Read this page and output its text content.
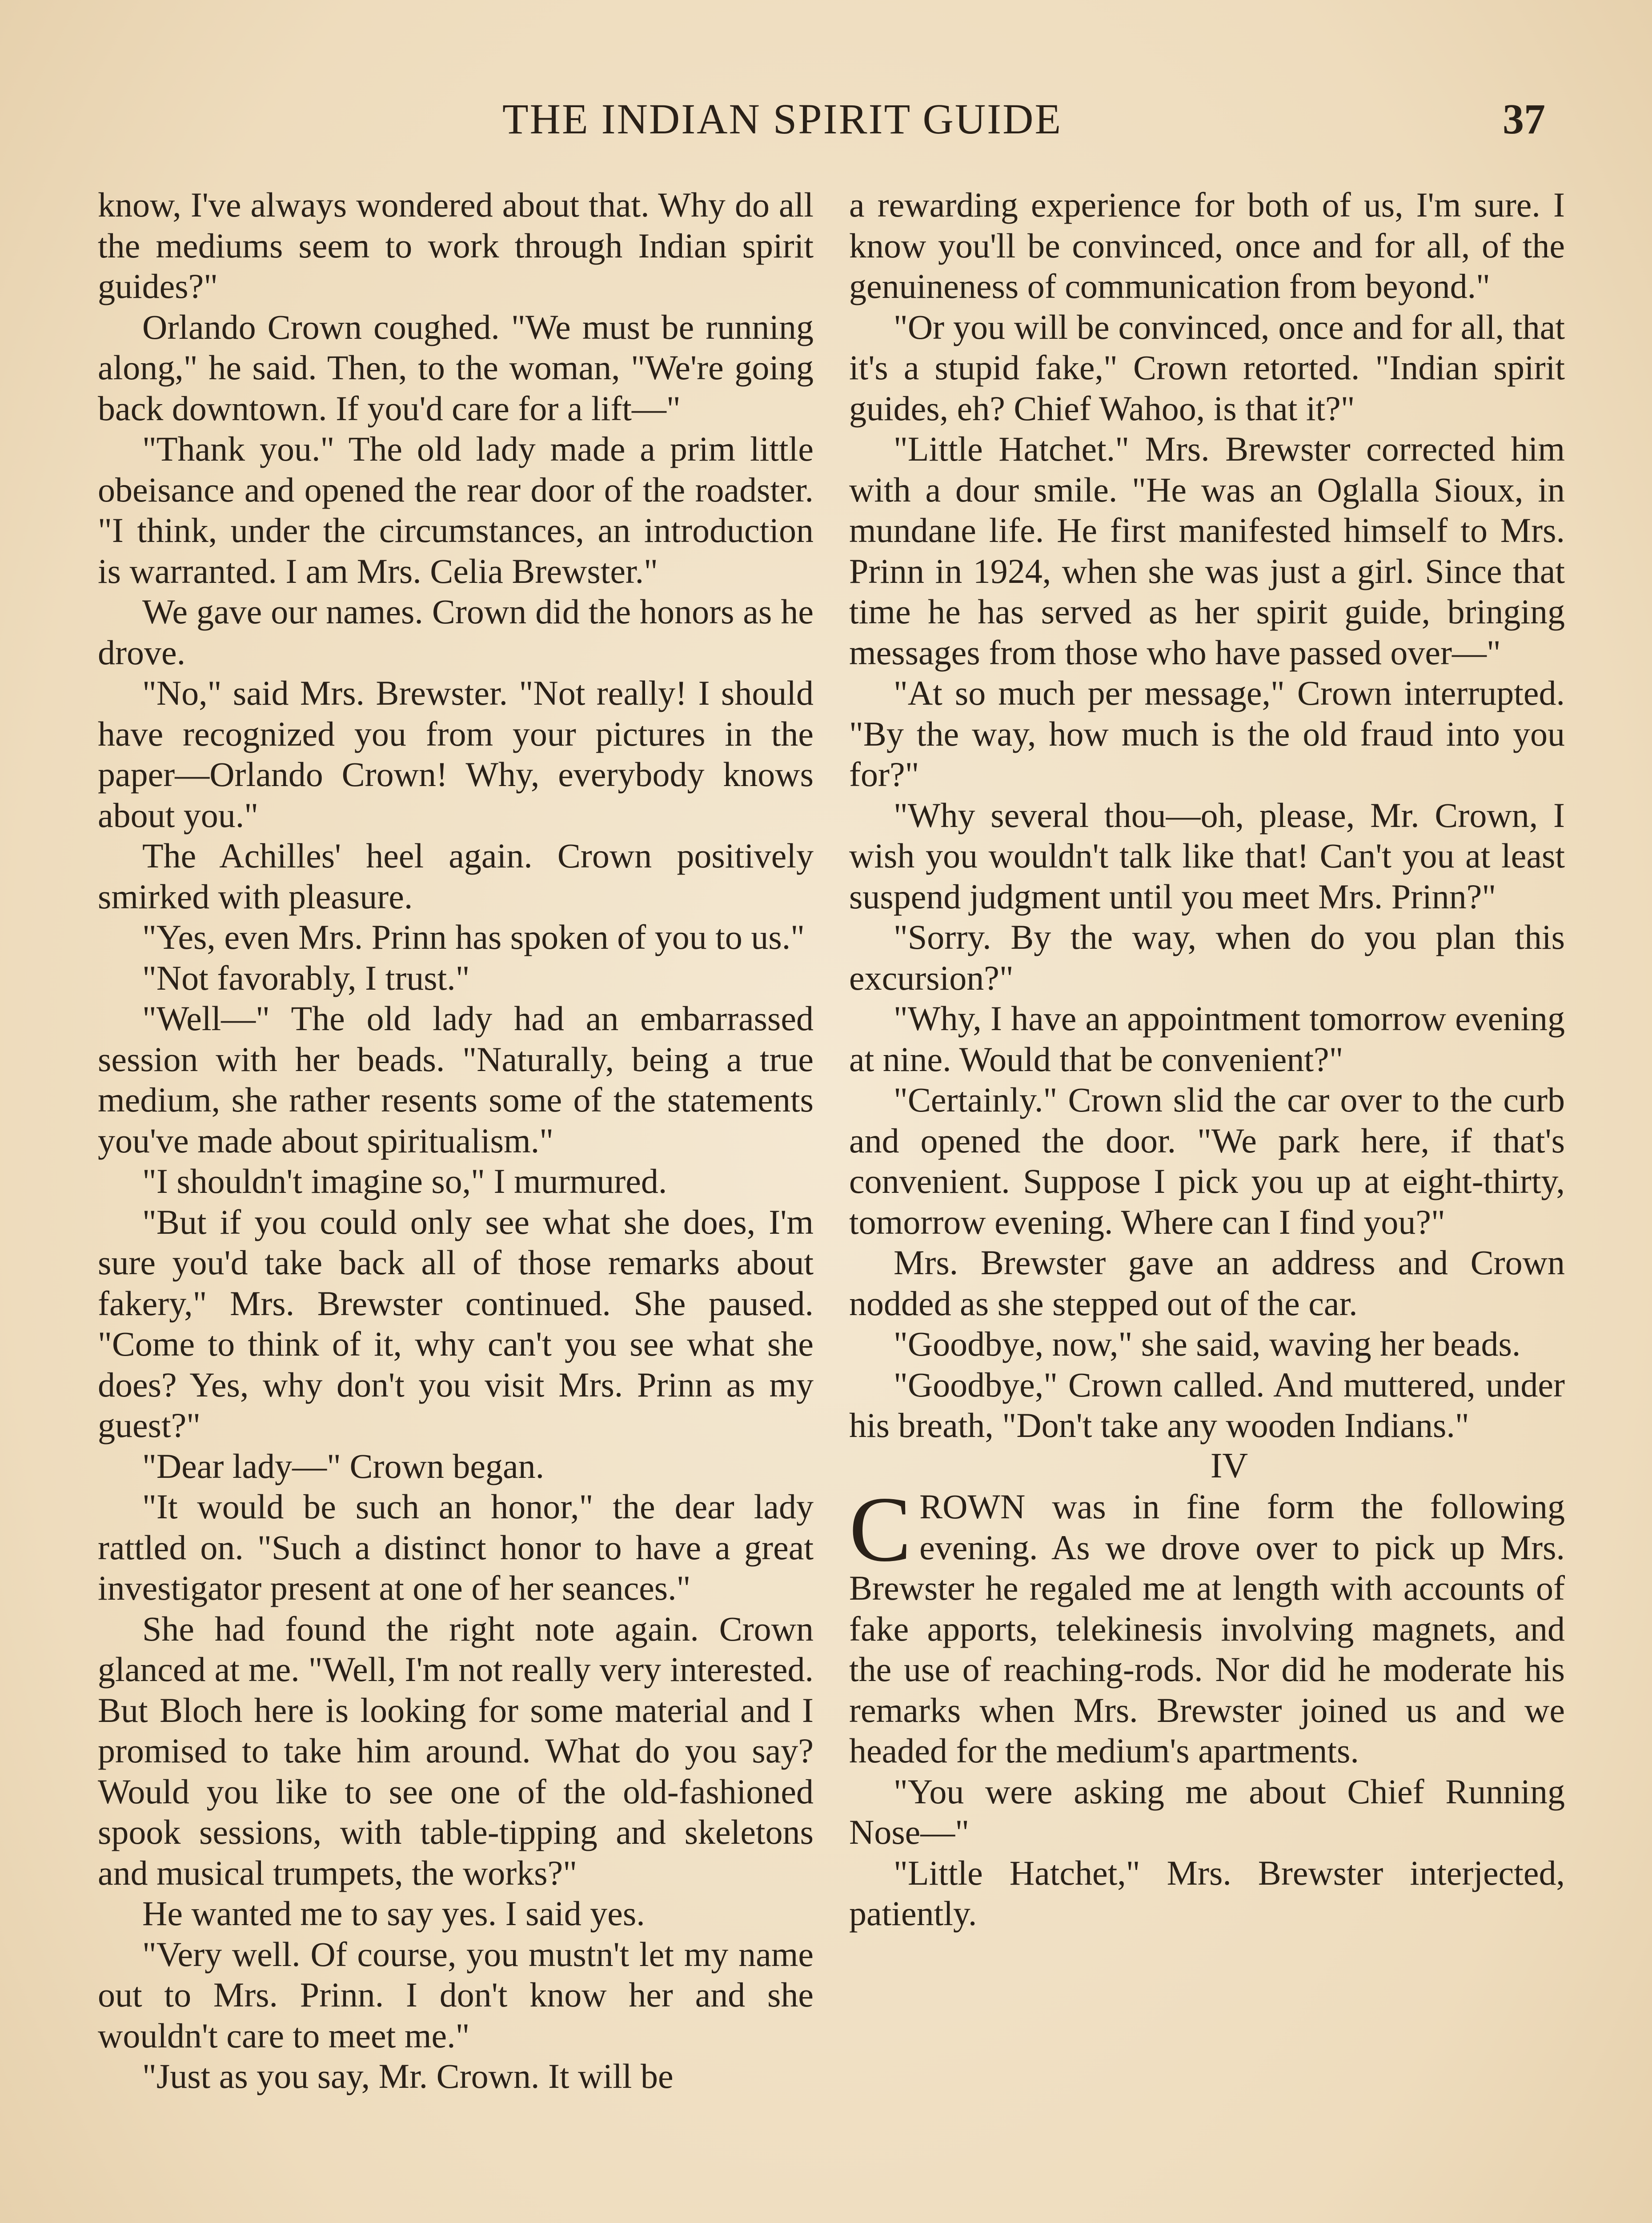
THE INDIAN SPIRIT GUIDE	37

know, I've always wondered about that. Why do all the mediums seem to work through Indian spirit guides?"

Orlando Crown coughed. "We must be running along," he said. Then, to the woman, "We're going back downtown. If you'd care for a lift—"

"Thank you." The old lady made a prim little obeisance and opened the rear door of the roadster. "I think, under the circumstances, an introduction is warranted. I am Mrs. Celia Brewster."

We gave our names. Crown did the honors as he drove.

"No," said Mrs. Brewster. "Not really! I should have recognized you from your pictures in the paper—Orlando Crown! Why, everybody knows about you."

The Achilles' heel again. Crown positively smirked with pleasure.

"Yes, even Mrs. Prinn has spoken of you to us."

"Not favorably, I trust."

"Well—" The old lady had an embarrassed session with her beads. "Naturally, being a true medium, she rather resents some of the statements you've made about spiritualism."

"I shouldn't imagine so," I murmured.

"But if you could only see what she does, I'm sure you'd take back all of those remarks about fakery," Mrs. Brewster continued. She paused. "Come to think of it, why can't you see what she does? Yes, why don't you visit Mrs. Prinn as my guest?"

"Dear lady—" Crown began.

"It would be such an honor," the dear lady rattled on. "Such a distinct honor to have a great investigator present at one of her seances."

She had found the right note again. Crown glanced at me. "Well, I'm not really very interested. But Bloch here is looking for some material and I promised to take him around. What do you say? Would you like to see one of the old-fashioned spook sessions, with table-tipping and skeletons and musical trumpets, the works?"

He wanted me to say yes. I said yes.

"Very well. Of course, you mustn't let my name out to Mrs. Prinn. I don't know her and she wouldn't care to meet me."

"Just as you say, Mr. Crown. It will be

a rewarding experience for both of us, I'm sure. I know you'll be convinced, once and for all, of the genuineness of communication from beyond."

"Or you will be convinced, once and for all, that it's a stupid fake," Crown retorted. "Indian spirit guides, eh? Chief Wahoo, is that it?"

"Little Hatchet." Mrs. Brewster corrected him with a dour smile. "He was an Oglalla Sioux, in mundane life. He first manifested himself to Mrs. Prinn in 1924, when she was just a girl. Since that time he has served as her spirit guide, bringing messages from those who have passed over—"

"At so much per message," Crown interrupted. "By the way, how much is the old fraud into you for?"

"Why several thou—oh, please, Mr. Crown, I wish you wouldn't talk like that! Can't you at least suspend judgment until you meet Mrs. Prinn?"

"Sorry. By the way, when do you plan this excursion?"

"Why, I have an appointment tomorrow evening at nine. Would that be convenient?"

"Certainly." Crown slid the car over to the curb and opened the door. "We park here, if that's convenient. Suppose I pick you up at eight-thirty, tomorrow evening. Where can I find you?"

Mrs. Brewster gave an address and Crown nodded as she stepped out of the car.

"Goodbye, now," she said, waving her beads.

"Goodbye," Crown called. And muttered, under his breath, "Don't take any wooden Indians."

IV

CROWN was in fine form the following evening. As we drove over to pick up Mrs. Brewster he regaled me at length with accounts of fake apports, telekinesis involving magnets, and the use of reaching-rods. Nor did he moderate his remarks when Mrs. Brewster joined us and we headed for the medium's apartments.

"You were asking me about Chief Running Nose—"

"Little Hatchet," Mrs. Brewster interjected, patiently.
